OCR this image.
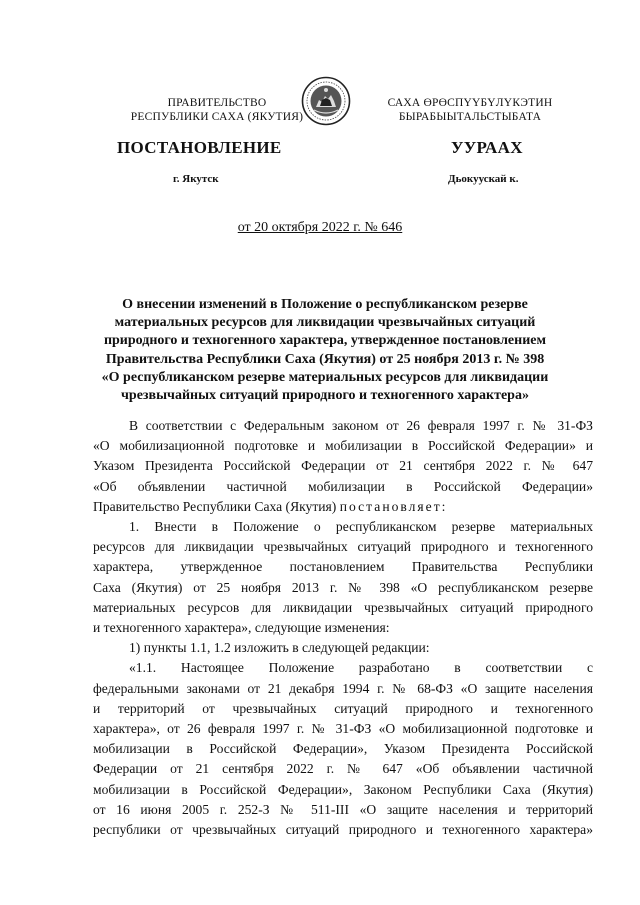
ПРАВИТЕЛЬСТВО
РЕСПУБЛИКИ САХА (ЯКУТИЯ)
САХА ӨРӨСПҮҮБҮЛҮКЭТИН
БЫРАБЫЫТАЛЬСТЫБАТА
ПОСТАНОВЛЕНИЕ	УУРААХ
г. Якутск	Дьокуускай к.
от 20 октября 2022 г. № 646
О внесении изменений в Положение о республиканском резерве
материальных ресурсов для ликвидации чрезвычайных ситуаций
природного и техногенного характера, утвержденное постановлением
Правительства Республики Саха (Якутия) от 25 ноября 2013 г. № 398
«О республиканском резерве материальных ресурсов для ликвидации
чрезвычайных ситуаций природного и техногенного характера»

В соответствии с Федеральным законом от 26 февраля 1997 г. № 31-ФЗ

«О мобилизационной подготовке и мобилизации в Российской Федерации» и

Указом Президента Российской Федерации от 21 сентября 2022 г. № 647

«Об объявлении частичной мобилизации в Российской Федерации»

Правительство Республики Саха (Якутия) постановляет:

1. Внести в Положение о республиканском резерве материальных

ресурсов для ликвидации чрезвычайных ситуаций природного и техногенного

характера, утвержденное постановлением Правительства Республики

Саха (Якутия) от 25 ноября 2013 г. № 398 «О республиканском резерве

материальных ресурсов для ликвидации чрезвычайных ситуаций природного

и техногенного характера», следующие изменения:

1) пункты 1.1, 1.2 изложить в следующей редакции:

«1.1. Настоящее Положение разработано в соответствии с

федеральными законами от 21 декабря 1994 г. № 68-ФЗ «О защите населения

и территорий от чрезвычайных ситуаций природного и техногенного

характера», от 26 февраля 1997 г. № 31-ФЗ «О мобилизационной подготовке и

мобилизации в Российской Федерации», Указом Президента Российской

Федерации от 21 сентября 2022 г. № 647 «Об объявлении частичной

мобилизации в Российской Федерации», Законом Республики Саха (Якутия)

от 16 июня 2005 г. 252-З № 511-III «О защите населения и территорий

республики от чрезвычайных ситуаций природного и техногенного характера»
